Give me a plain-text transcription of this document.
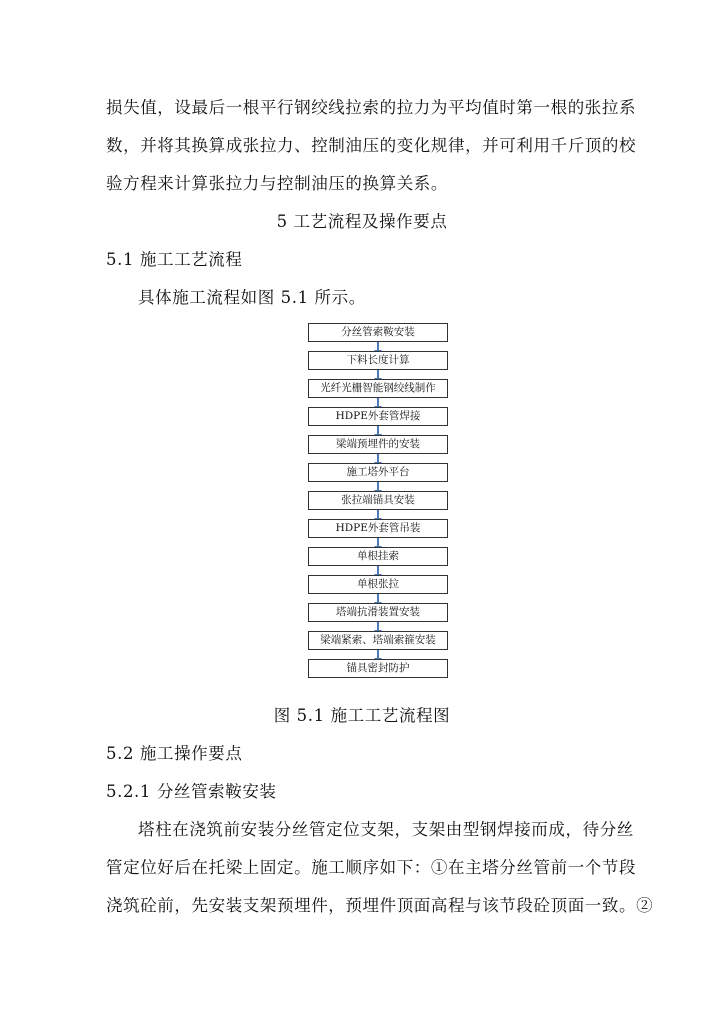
损失值，设最后一根平行钢绞线拉索的拉力为平均值时第一根的张拉系
数，并将其换算成张拉力、控制油压的变化规律，并可利用千斤顶的校
验方程来计算张拉力与控制油压的换算关系。
5 工艺流程及操作要点
5.1 施工工艺流程
具体施工流程如图 5.1 所示。
分丝管索鞍安装
下料长度计算
光纤光栅智能钢绞线制作
HDPE外套管焊接
梁端预埋件的安装
施工塔外平台
张拉端锚具安装
HDPE外套管吊装
单根挂索
单根张拉
塔端抗滑装置安装
梁端紧索、塔端索箍安装
锚具密封防护
图 5.1 施工工艺流程图
5.2 施工操作要点
5.2.1 分丝管索鞍安装
塔柱在浇筑前安装分丝管定位支架，支架由型钢焊接而成，待分丝
管定位好后在托梁上固定。施工顺序如下：①在主塔分丝管前一个节段
浇筑砼前，先安装支架预埋件，预埋件顶面高程与该节段砼顶面一致。②
